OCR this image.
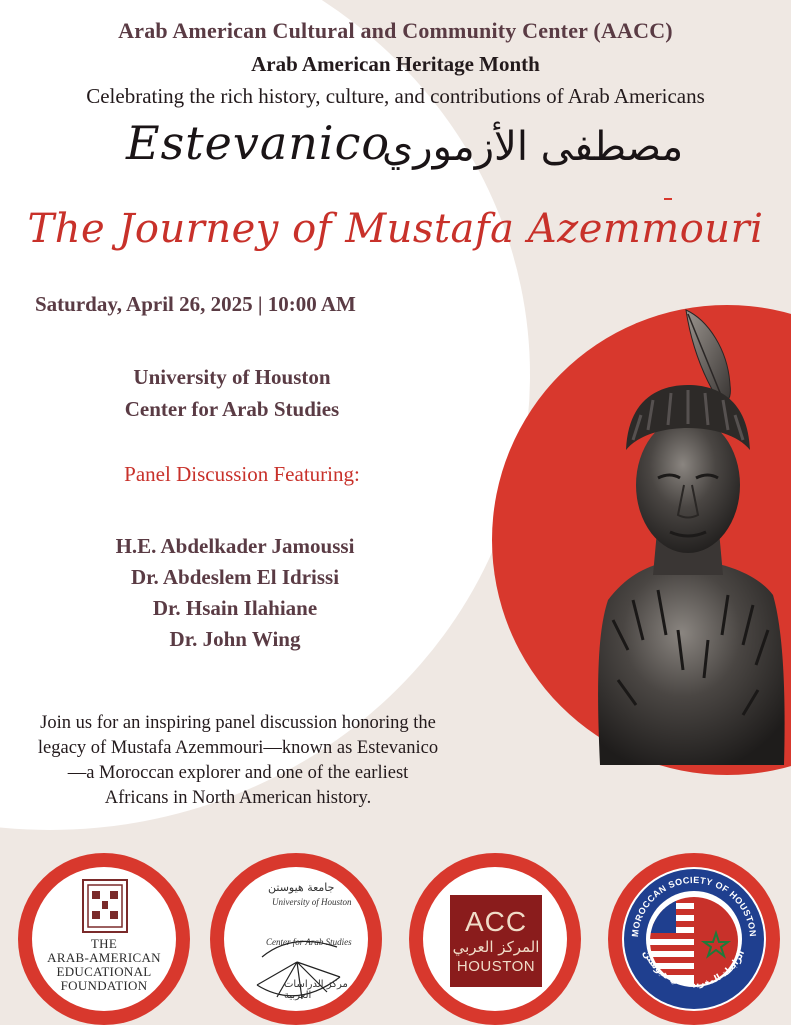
Arab American Cultural and Community Center (AACC)
Arab American Heritage Month
Celebrating the rich history, culture, and contributions of Arab Americans
Estevanico
مصطفى الأزموري
The Journey of Mustafa Azemmouri
Saturday, April 26, 2025 | 10:00 AM
University of Houston
Center for Arab Studies
Panel Discussion Featuring:
H.E. Abdelkader Jamoussi
Dr. Abdeslem El Idrissi
Dr. Hsain Ilahiane
Dr. John Wing
Join us for an inspiring panel discussion honoring the
legacy of Mustafa Azemmouri—known as Estevanico
—a Moroccan explorer and one of the earliest
Africans in North American history.
THE
ARAB-AMERICAN
EDUCATIONAL
FOUNDATION
جامعة هيوستن
University of Houston
Center for Arab Studies
مركز الدراسات العربية
ACC
المركز العربي
HOUSTON
MOROCCAN SOCIETY OF HOUSTON
الرابطة المغربية في هيوستن
